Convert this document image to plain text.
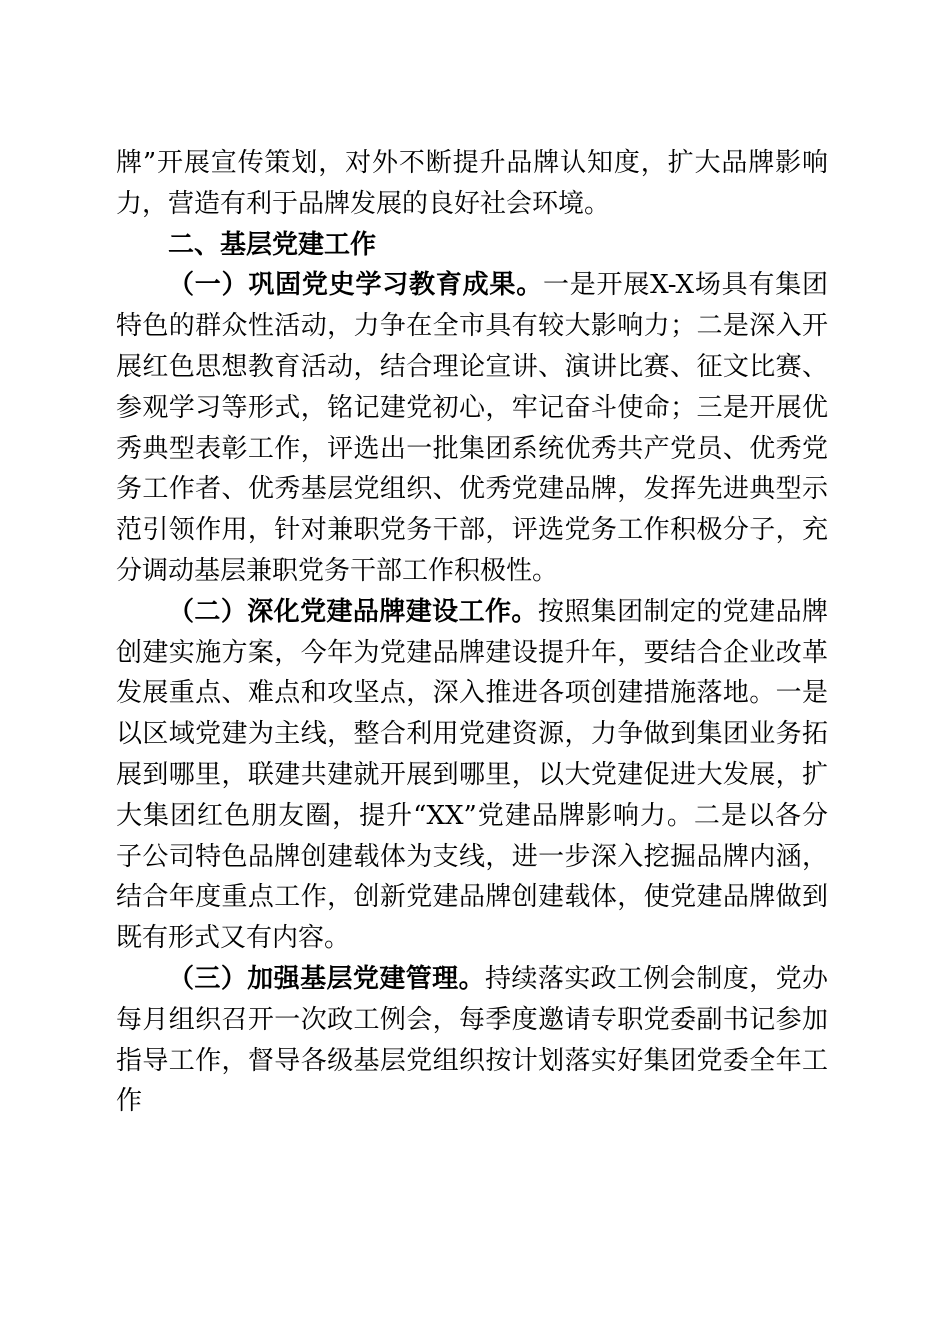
牌”开展宣传策划，对外不断提升品牌认知度，扩大品牌影响力，营造有利于品牌发展的良好社会环境。

二、基层党建工作

（一）巩固党史学习教育成果。一是开展X-X场具有集团特色的群众性活动，力争在全市具有较大影响力；二是深入开展红色思想教育活动，结合理论宣讲、演讲比赛、征文比赛、参观学习等形式，铭记建党初心，牢记奋斗使命；三是开展优秀典型表彰工作，评选出一批集团系统优秀共产党员、优秀党务工作者、优秀基层党组织、优秀党建品牌，发挥先进典型示范引领作用，针对兼职党务干部，评选党务工作积极分子，充分调动基层兼职党务干部工作积极性。

（二）深化党建品牌建设工作。按照集团制定的党建品牌创建实施方案，今年为党建品牌建设提升年，要结合企业改革发展重点、难点和攻坚点，深入推进各项创建措施落地。一是以区域党建为主线，整合利用党建资源，力争做到集团业务拓展到哪里，联建共建就开展到哪里，以大党建促进大发展，扩大集团红色朋友圈，提升“XX”党建品牌影响力。二是以各分子公司特色品牌创建载体为支线，进一步深入挖掘品牌内涵，结合年度重点工作，创新党建品牌创建载体，使党建品牌做到既有形式又有内容。

（三）加强基层党建管理。持续落实政工例会制度，党办每月组织召开一次政工例会，每季度邀请专职党委副书记参加指导工作，督导各级基层党组织按计划落实好集团党委全年工作
